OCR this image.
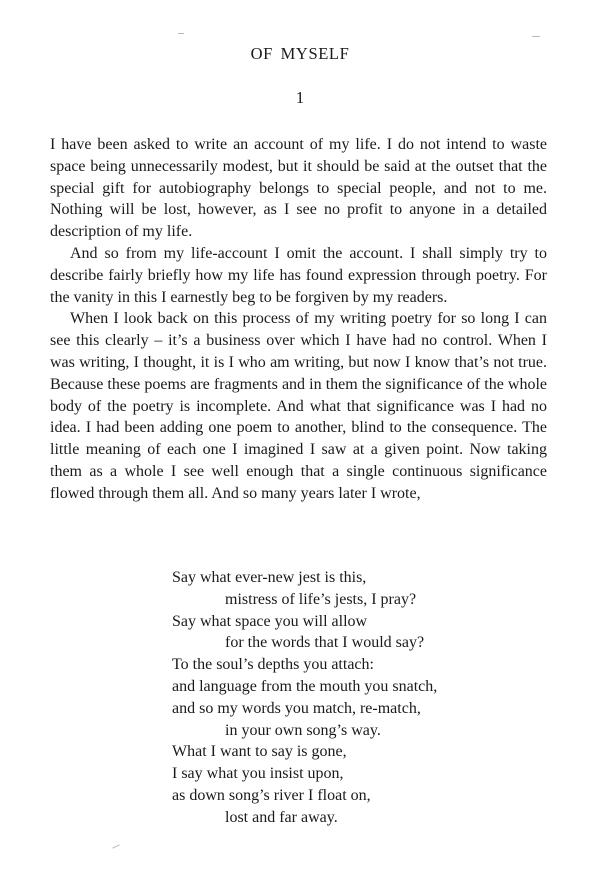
OF MYSELF
1

I have been asked to write an account of my life. I do not intend to waste space being unnecessarily modest, but it should be said at the outset that the special gift for autobiography belongs to special people, and not to me. Nothing will be lost, however, as I see no profit to anyone in a detailed description of my life.

And so from my life-account I omit the account. I shall simply try to describe fairly briefly how my life has found expression through poetry. For the vanity in this I earnestly beg to be forgiven by my readers.

When I look back on this process of my writing poetry for so long I can see this clearly – it’s a business over which I have had no control. When I was writing, I thought, it is I who am writing, but now I know that’s not true. Because these poems are fragments and in them the significance of the whole body of the poetry is incomplete. And what that significance was I had no idea. I had been adding one poem to another, blind to the consequence. The little meaning of each one I imagined I saw at a given point. Now taking them as a whole I see well enough that a single continuous significance flowed through them all. And so many years later I wrote,

Say what ever-new jest is this,
mistress of life’s jests, I pray?
Say what space you will allow
for the words that I would say?
To the soul’s depths you attach:
and language from the mouth you snatch,
and so my words you match, re-match,
in your own song’s way.
What I want to say is gone,
I say what you insist upon,
as down song’s river I float on,
lost and far away.
